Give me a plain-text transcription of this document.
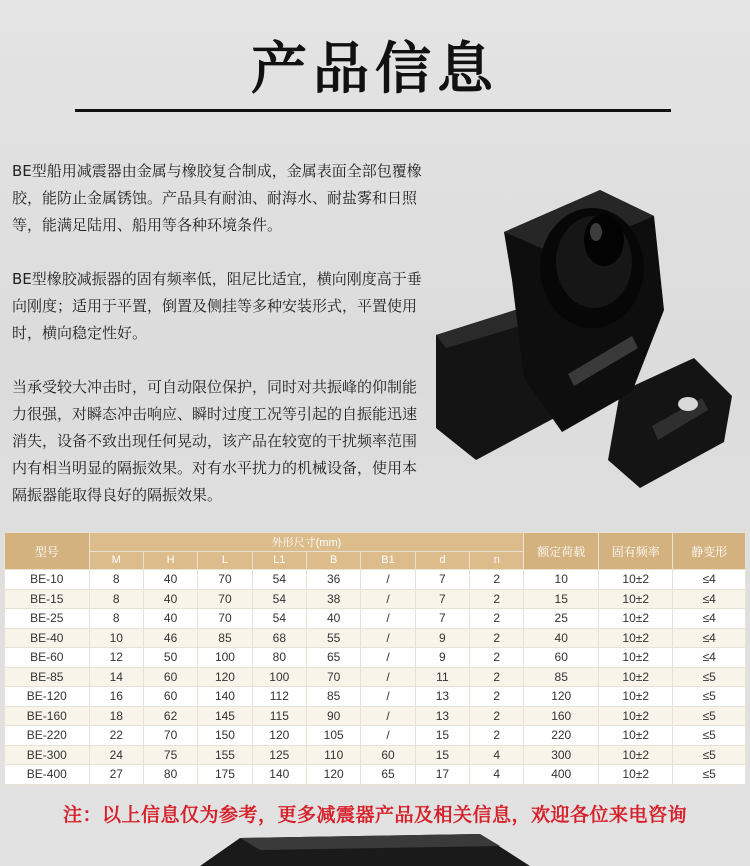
产品信息

BE型船用减震器由金属与橡胶复合制成，金属表面全部包覆橡胶，能防止金属锈蚀。产品具有耐油、耐海水、耐盐雾和日照等，能满足陆用、船用等各种环境条件。

BE型橡胶减振器的固有频率低，阻尼比适宜，横向刚度高于垂向刚度；适用于平置，倒置及侧挂等多种安装形式，平置使用时，横向稳定性好。

当承受较大冲击时，可自动限位保护，同时对共振峰的仰制能力很强，对瞬态冲击响应、瞬时过度工况等引起的自振能迅速消失，设备不致出现任何晃动，该产品在较宽的干扰频率范围内有相当明显的隔振效果。对有水平扰力的机械设备，使用本隔振器能取得良好的隔振效果。

型号	外形尺寸(mm)								额定荷载	固有频率	静变形
	M	H	L	L1	B	B1	d	n			
BE-10	8	40	70	54	36	/	7	2	10	10±2	≤4
BE-15	8	40	70	54	38	/	7	2	15	10±2	≤4
BE-25	8	40	70	54	40	/	7	2	25	10±2	≤4
BE-40	10	46	85	68	55	/	9	2	40	10±2	≤4
BE-60	12	50	100	80	65	/	9	2	60	10±2	≤4
BE-85	14	60	120	100	70	/	11	2	85	10±2	≤5
BE-120	16	60	140	112	85	/	13	2	120	10±2	≤5
BE-160	18	62	145	115	90	/	13	2	160	10±2	≤5
BE-220	22	70	150	120	105	/	15	2	220	10±2	≤5
BE-300	24	75	155	125	110	60	15	4	300	10±2	≤5
BE-400	27	80	175	140	120	65	17	4	400	10±2	≤5
注：以上信息仅为参考，更多减震器产品及相关信息，欢迎各位来电咨询
